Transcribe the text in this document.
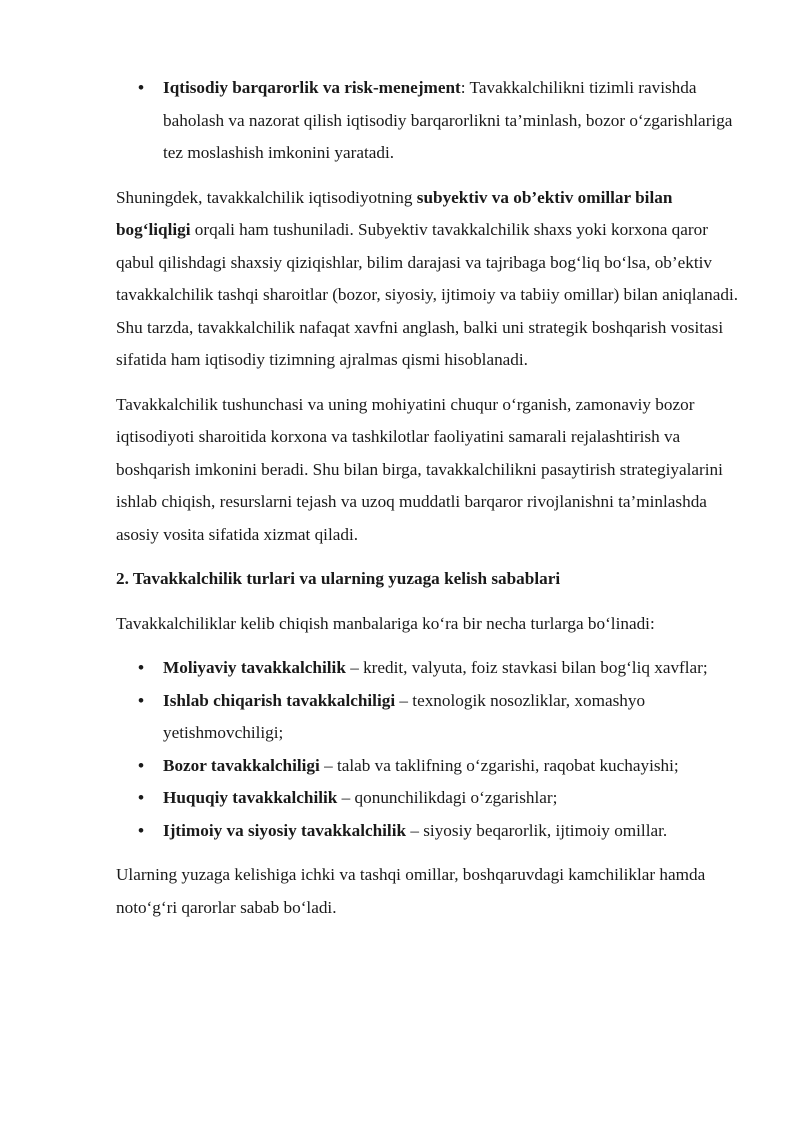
• Iqtisodiy barqarorlik va risk-menejment: Tavakkalchilikni tizimli ravishda baholash va nazorat qilish iqtisodiy barqarorlikni ta’minlash, bozor o‘zgarishlariga tez moslashish imkonini yaratadi.

Shuningdek, tavakkalchilik iqtisodiyotning subyektiv va ob’ektiv omillar bilan bog‘liqligi orqali ham tushuniladi. Subyektiv tavakkalchilik shaxs yoki korxona qaror qabul qilishdagi shaxsiy qiziqishlar, bilim darajasi va tajribaga bog‘liq bo‘lsa, ob’ektiv tavakkalchilik tashqi sharoitlar (bozor, siyosiy, ijtimoiy va tabiiy omillar) bilan aniqlanadi. Shu tarzda, tavakkalchilik nafaqat xavfni anglash, balki uni strategik boshqarish vositasi sifatida ham iqtisodiy tizimning ajralmas qismi hisoblanadi.

Tavakkalchilik tushunchasi va uning mohiyatini chuqur o‘rganish, zamonaviy bozor iqtisodiyoti sharoitida korxona va tashkilotlar faoliyatini samarali rejalashtirish va boshqarish imkonini beradi. Shu bilan birga, tavakkalchilikni pasaytirish strategiyalarini ishlab chiqish, resurslarni tejash va uzoq muddatli barqaror rivojlanishni ta’minlashda asosiy vosita sifatida xizmat qiladi.

2. Tavakkalchilik turlari va ularning yuzaga kelish sabablari

Tavakkalchiliklar kelib chiqish manbalariga ko‘ra bir necha turlarga bo‘linadi:

• Moliyaviy tavakkalchilik – kredit, valyuta, foiz stavkasi bilan bog‘liq xavflar;
• Ishlab chiqarish tavakkalchiligi – texnologik nosozliklar, xomashyo yetishmovchiligi;
• Bozor tavakkalchiligi – talab va taklifning o‘zgarishi, raqobat kuchayishi;
• Huquqiy tavakkalchilik – qonunchilikdagi o‘zgarishlar;
• Ijtimoiy va siyosiy tavakkalchilik – siyosiy beqarorlik, ijtimoiy omillar.

Ularning yuzaga kelishiga ichki va tashqi omillar, boshqaruvdagi kamchiliklar hamda noto‘g‘ri qarorlar sabab bo‘ladi.
